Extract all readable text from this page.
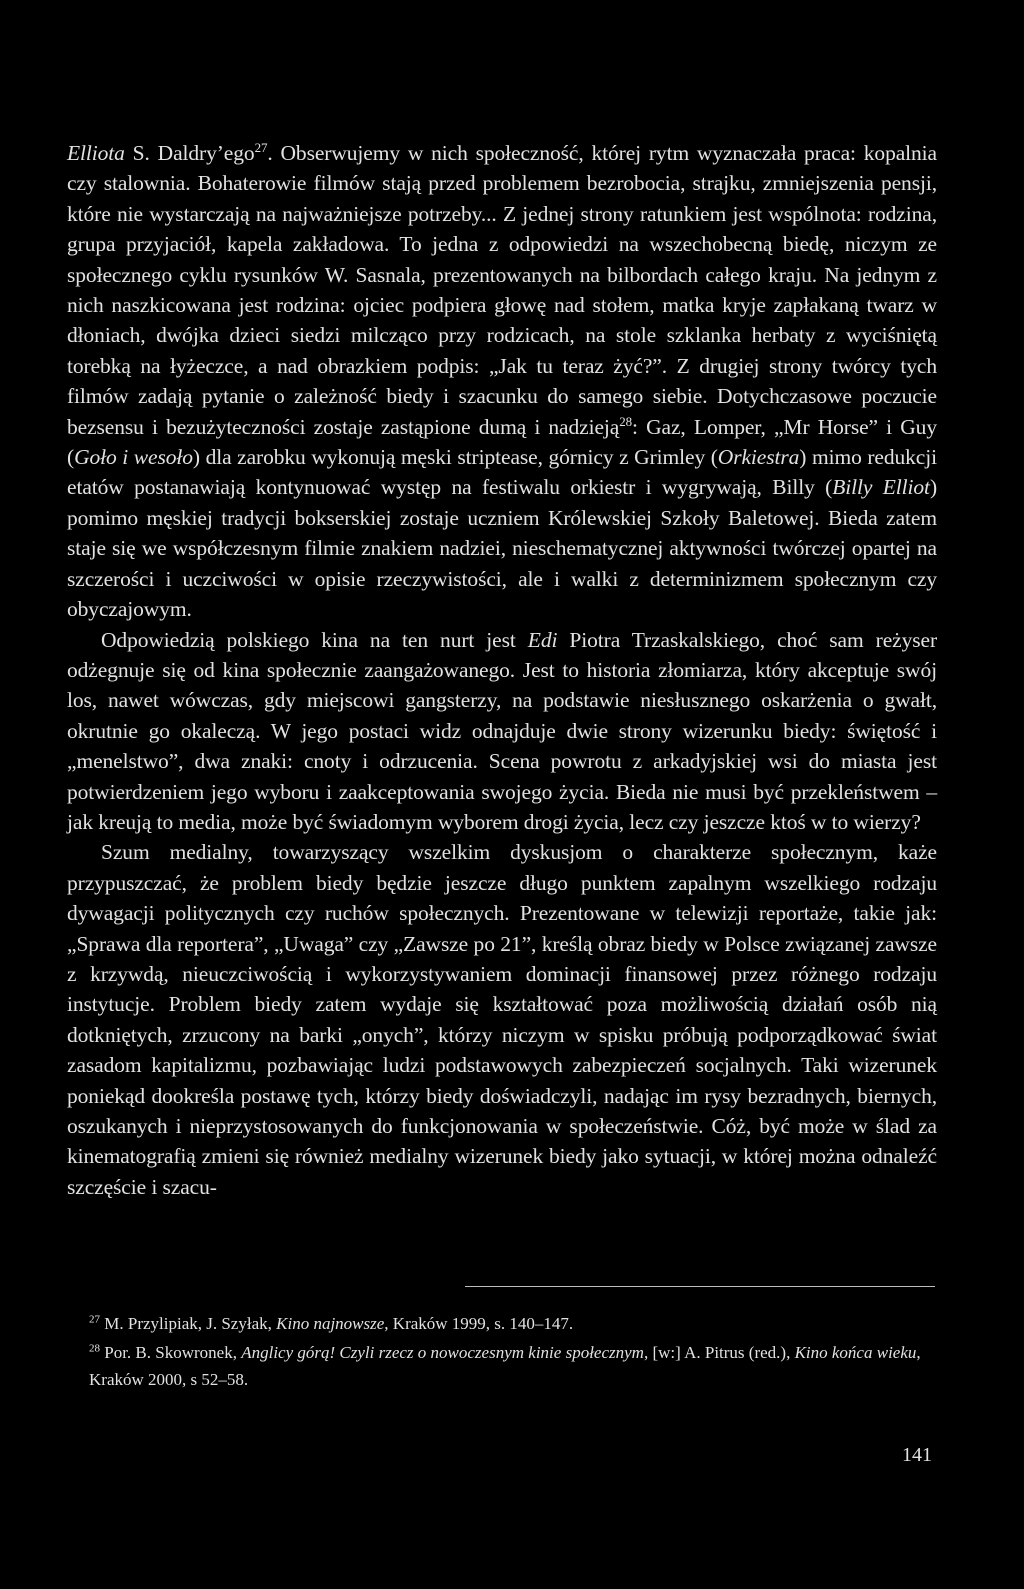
Elliota S. Daldry’ego$^{27}$. Obserwujemy w nich społeczność, której rytm wyznaczała praca: kopalnia czy stalownia. Bohaterowie filmów stają przed problemem bezrobocia, strajku, zmniejszenia pensji, które nie wystarczają na najważniejsze potrzeby... Z jednej strony ratunkiem jest wspólnota: rodzina, grupa przyjaciół, kapela zakładowa. To jedna z odpowiedzi na wszechobecną biedę, niczym ze społecznego cyklu rysunków W. Sasnala, prezentowanych na bilbordach całego kraju. Na jednym z nich naszkicowana jest rodzina: ojciec podpiera głowę nad stołem, matka kryje zapłakaną twarz w dłoniach, dwójka dzieci siedzi milcząco przy rodzicach, na stole szklanka herbaty z wyciśniętą torebką na łyżeczce, a nad obrazkiem podpis: „Jak tu teraz żyć?”. Z drugiej strony twórcy tych filmów zadają pytanie o zależność biedy i szacunku do samego siebie. Dotychczasowe poczucie bezsensu i bezużyteczności zostaje zastąpione dumą i nadzieją$^{28}$: Gaz, Lomper, „Mr Horse” i Guy (Goło i wesoło) dla zarobku wykonują męski striptease, górnicy z Grimley (Orkiestra) mimo redukcji etatów postanawiają kontynuować występ na festiwalu orkiestr i wygrywają, Billy (Billy Elliot) pomimo męskiej tradycji bokserskiej zostaje uczniem Królewskiej Szkoły Baletowej. Bieda zatem staje się we współczesnym filmie znakiem nadziei, nieschematycznej aktywności twórczej opartej na szczerości i uczciwości w opisie rzeczywistości, ale i walki z determinizmem społecznym czy obyczajowym.

Odpowiedzią polskiego kina na ten nurt jest Edi Piotra Trzaskalskiego, choć sam reżyser odżegnuje się od kina społecznie zaangażowanego. Jest to historia złomiarza, który akceptuje swój los, nawet wówczas, gdy miejscowi gangsterzy, na podstawie niesłusznego oskarżenia o gwałt, okrutnie go okaleczą. W jego postaci widz odnajduje dwie strony wizerunku biedy: świętość i „menelstwo”, dwa znaki: cnoty i odrzucenia. Scena powrotu z arkadyjskiej wsi do miasta jest potwierdzeniem jego wyboru i zaakceptowania swojego życia. Bieda nie musi być przekleństwem – jak kreują to media, może być świadomym wyborem drogi życia, lecz czy jeszcze ktoś w to wierzy?

Szum medialny, towarzyszący wszelkim dyskusjom o charakterze społecznym, każe przypuszczać, że problem biedy będzie jeszcze długo punktem zapalnym wszelkiego rodzaju dywagacji politycznych czy ruchów społecznych. Prezentowane w telewizji reportaże, takie jak: „Sprawa dla reportera”, „Uwaga” czy „Zawsze po 21”, kreślą obraz biedy w Polsce związanej zawsze z krzywdą, nieuczciwością i wykorzystywaniem dominacji finansowej przez różnego rodzaju instytucje. Problem biedy zatem wydaje się kształtować poza możliwością działań osób nią dotkniętych, zrzucony na barki „onych”, którzy niczym w spisku próbują podporządkować świat zasadom kapitalizmu, pozbawiając ludzi podstawowych zabezpieczeń socjalnych. Taki wizerunek poniekąd dookreśla postawę tych, którzy biedy doświadczyli, nadając im rysy bezradnych, biernych, oszukanych i nieprzystosowanych do funkcjonowania w społeczeństwie. Cóż, być może w ślad za kinematografią zmieni się również medialny wizerunek biedy jako sytuacji, w której można odnaleźć szczęście i szacu-

$^{27}$ M. Przylipiak, J. Szyłak, Kino najnowsze, Kraków 1999, s. 140–147.

$^{28}$ Por. B. Skowronek, Anglicy górą! Czyli rzecz o nowoczesnym kinie społecznym, [w:] A. Pitrus (red.), Kino końca wieku, Kraków 2000, s 52–58.

141
